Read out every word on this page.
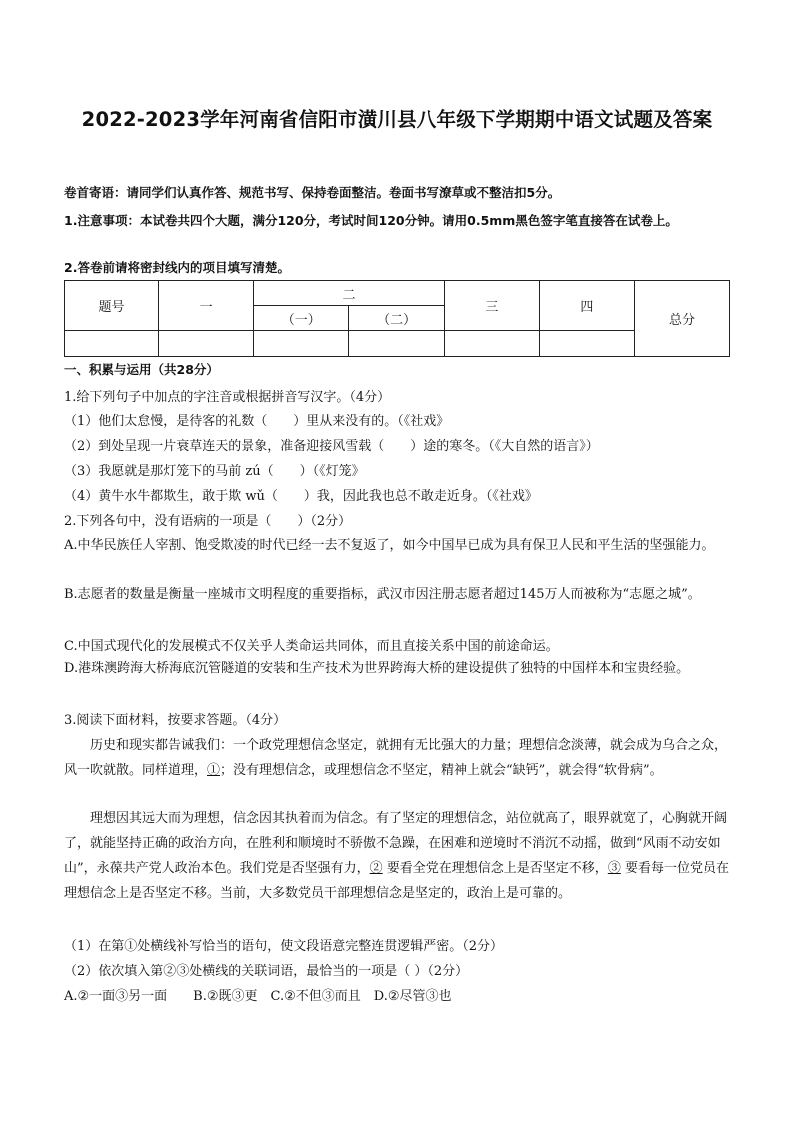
2022-2023学年河南省信阳市潢川县八年级下学期期中语文试题及答案
卷首寄语：请同学们认真作答、规范书写、保持卷面整洁。卷面书写潦草或不整洁扣5分。
1.注意事项：本试卷共四个大题，满分120分，考试时间120分钟。请用0.5mm黑色签字笔直接答在试卷上。
2.答卷前请将密封线内的项目填写清楚。
题号	一	二		三	四	总分
		（一）	（二）			

一、积累与运用（共28分）
1.给下列句子中加点的字注音或根据拼音写汉字。（4分）
（1）他们太怠慢，是待客的礼数（　　）里从来没有的。（《社戏》
（2）到处呈现一片衰草连天的景象，准备迎接风雪载（　　）途的寒冬。（《大自然的语言》）
（3）我愿就是那灯笼下的马前 zú（　　）（《灯笼》
（4）黄牛水牛都欺生，敢于欺 wǔ（　　）我，因此我也总不敢走近身。（《社戏》
2.下列各句中，没有语病的一项是（　　）（2分）
A.中华民族任人宰割、饱受欺凌的时代已经一去不复返了，如今中国早已成为具有保卫人民和平生活的坚强能力。
B.志愿者的数量是衡量一座城市文明程度的重要指标，武汉市因注册志愿者超过145万人而被称为“志愿之城”。
C.中国式现代化的发展模式不仅关乎人类命运共同体，而且直接关系中国的前途命运。
D.港珠澳跨海大桥海底沉管隧道的安装和生产技术为世界跨海大桥的建设提供了独特的中国样本和宝贵经验。
3.阅读下面材料，按要求答题。（4分）
历史和现实都告诫我们：一个政党理想信念坚定，就拥有无比强大的力量；理想信念淡薄，就会成为乌合之众，风一吹就散。同样道理，①；没有理想信念，或理想信念不坚定，精神上就会“缺钙”，就会得“软骨病”。
理想因其远大而为理想，信念因其执着而为信念。有了坚定的理想信念，站位就高了，眼界就宽了，心胸就开阔了，就能坚持正确的政治方向，在胜利和顺境时不骄傲不急躁，在困难和逆境时不消沉不动摇，做到“风雨不动安如山”，永葆共产党人政治本色。我们党是否坚强有力，② 要看全党在理想信念上是否坚定不移，③ 要看每一位党员在理想信念上是否坚定不移。当前，大多数党员干部理想信念是坚定的，政治上是可靠的。
（1）在第①处横线补写恰当的语句，使文段语意完整连贯逻辑严密。（2分）
（2）依次填入第②③处横线的关联词语，最恰当的一项是（ ）（2分）
A.②一面③另一面　　B.②既③更　C.②不但③而且　D.②尽管③也
